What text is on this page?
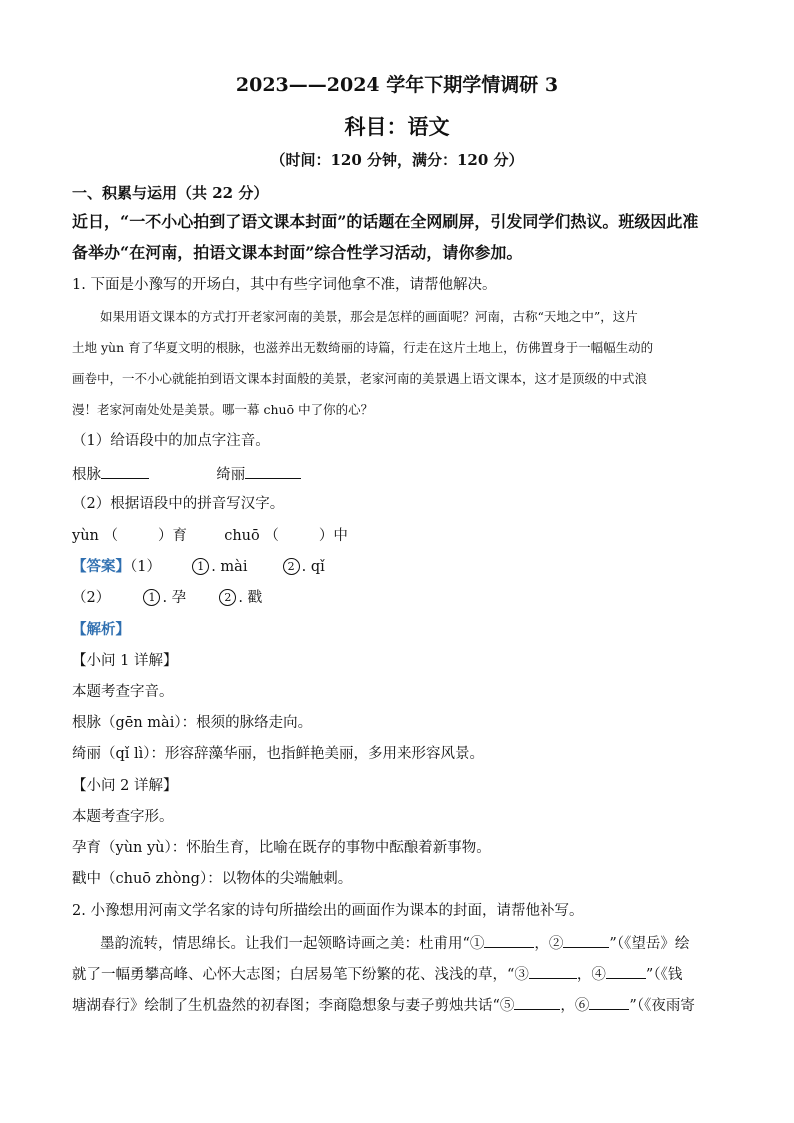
2023——2024 学年下期学情调研 3
科目：语文
（时间：120 分钟，满分：120 分）
一、积累与运用（共 22 分）
近日，“一不小心拍到了语文课本封面”的话题在全网刷屏，引发同学们热议。班级因此准
备举办“在河南，拍语文课本封面”综合性学习活动，请你参加。
1. 下面是小豫写的开场白，其中有些字词他拿不准，请帮他解决。
如果用语文课本的方式打开老家河南的美景，那会是怎样的画面呢？河南，古称“天地之中”，这片
土地 yùn 育了华夏文明的根脉，也滋养出无数绮丽的诗篇，行走在这片土地上，仿佛置身于一幅幅生动的
画卷中，一不小心就能拍到语文课本封面般的美景，老家河南的美景遇上语文课本，这才是顶级的中式浪
漫！老家河南处处是美景。哪一幕 chuō 中了你的心？
（1）给语段中的加点字注音。
根脉	绮丽
（2）根据语段中的拼音写汉字。
yùn （	）育	chuō （	）中
【答案】（1）	1 . mài	2 . qǐ
（2）	1 . 孕	2 . 戳
【解析】
【小问 1 详解】
本题考查字音。
根脉（gēn mài）：根须的脉络走向。
绮丽（qǐ lì）：形容辞藻华丽，也指鲜艳美丽，多用来形容风景。
【小问 2 详解】
本题考查字形。
孕育（yùn yù）：怀胎生育，比喻在既存的事物中酝酿着新事物。
戳中（chuō zhòng）：以物体的尖端触刺。
2. 小豫想用河南文学名家的诗句所描绘出的画面作为课本的封面，请帮他补写。
墨韵流转，情思绵长。让我们一起领略诗画之美：杜甫用“①	，②	”（《望岳》绘
就了一幅勇攀高峰、心怀大志图；白居易笔下纷繁的花、浅浅的草，“③	，④	”（《钱
塘湖春行》绘制了生机盎然的初春图；李商隐想象与妻子剪烛共话“⑤	，⑥	”（《夜雨寄
